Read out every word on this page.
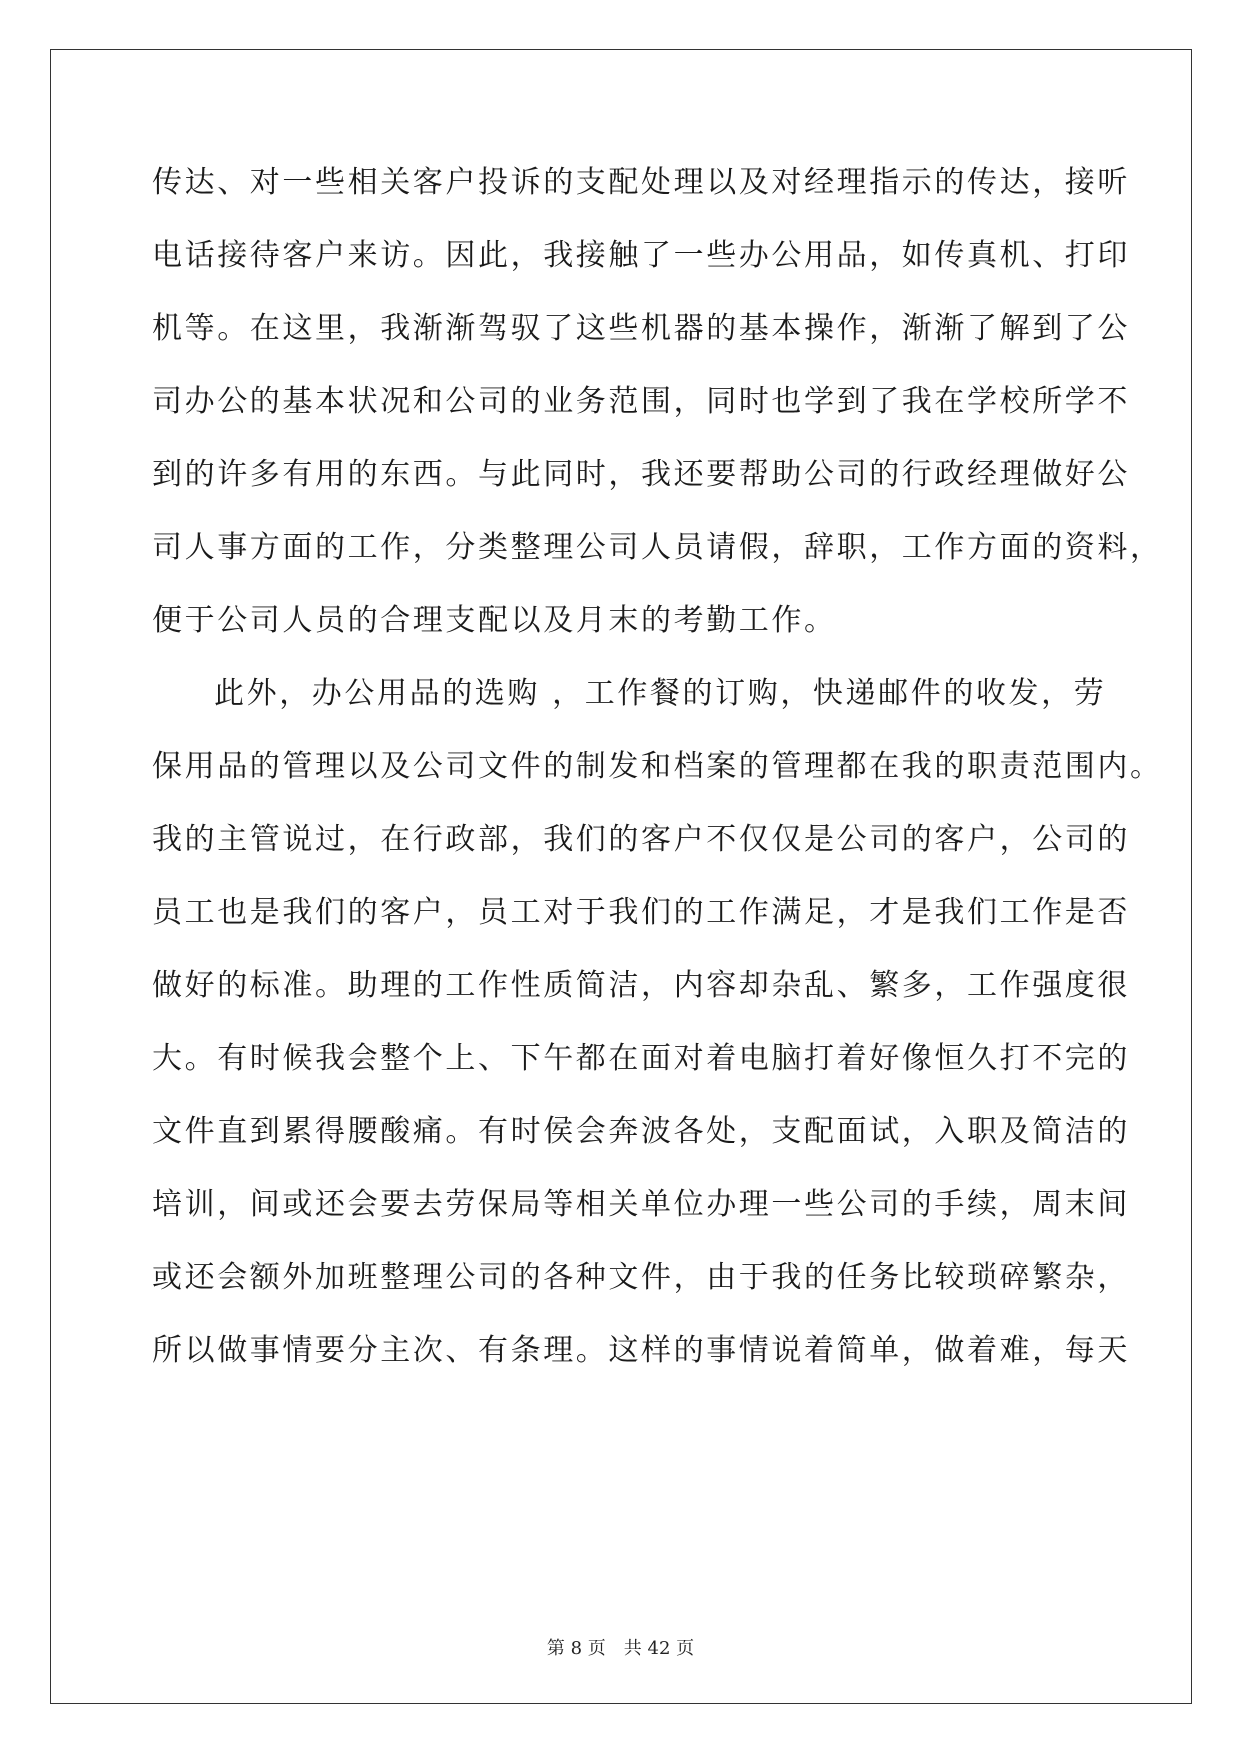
传达、对一些相关客户投诉的支配处理以及对经理指示的传达，接听
电话接待客户来访。因此，我接触了一些办公用品，如传真机、打印
机等。在这里，我渐渐驾驭了这些机器的基本操作，渐渐了解到了公
司办公的基本状况和公司的业务范围，同时也学到了我在学校所学不
到的许多有用的东西。与此同时，我还要帮助公司的行政经理做好公
司人事方面的工作，分类整理公司人员请假，辞职，工作方面的资料，
便于公司人员的合理支配以及月末的考勤工作。
此外，办公用品的选购 ，工作餐的订购，快递邮件的收发，劳
保用品的管理以及公司文件的制发和档案的管理都在我的职责范围内。
我的主管说过，在行政部，我们的客户不仅仅是公司的客户，公司的
员工也是我们的客户，员工对于我们的工作满足，才是我们工作是否
做好的标准。助理的工作性质简洁，内容却杂乱、繁多，工作强度很
大。有时候我会整个上、下午都在面对着电脑打着好像恒久打不完的
文件直到累得腰酸痛。有时侯会奔波各处，支配面试，入职及简洁的
培训，间或还会要去劳保局等相关单位办理一些公司的手续，周末间
或还会额外加班整理公司的各种文件，由于我的任务比较琐碎繁杂，
所以做事情要分主次、有条理。这样的事情说着简单，做着难，每天
第 8 页 共 42 页
